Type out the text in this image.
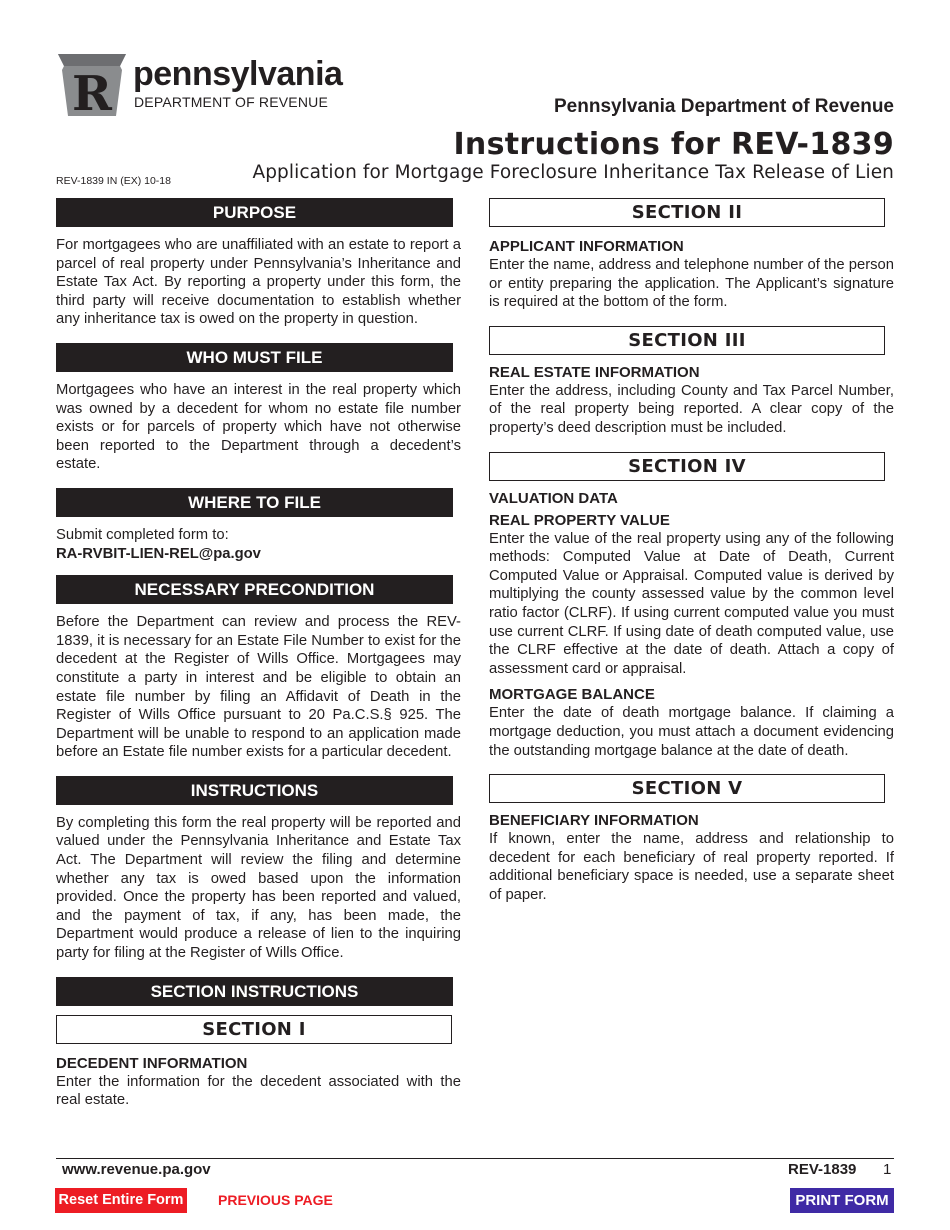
R pennsylvania
DEPARTMENT OF REVENUE	Pennsylvania Department of Revenue
Instructions for REV-1839
Application for Mortgage Foreclosure Inheritance Tax Release of Lien
REV-1839 IN (EX) 10-18
PURPOSE

For mortgagees who are unaffiliated with an estate to report a parcel of real property under Pennsylvania’s Inheritance and Estate Tax Act. By reporting a property under this form, the third party will receive documentation to establish whether any inheritance tax is owed on the property in question.

WHO MUST FILE

Mortgagees who have an interest in the real property which was owned by a decedent for whom no estate file number exists or for parcels of property which have not otherwise been reported to the Department through a decedent’s estate.

WHERE TO FILE

Submit completed form to:

RA-RVBIT-LIEN-REL@pa.gov

NECESSARY PRECONDITION

Before the Department can review and process the REV-1839, it is necessary for an Estate File Number to exist for the decedent at the Register of Wills Office. Mortgagees may constitute a party in interest and be eligible to obtain an estate file number by filing an Affidavit of Death in the Register of Wills Office pursuant to 20 Pa.C.S.§ 925. The Department will be unable to respond to an application made before an Estate file number exists for a particular decedent.

INSTRUCTIONS

By completing this form the real property will be reported and valued under the Pennsylvania Inheritance and Estate Tax Act. The Department will review the filing and determine whether any tax is owed based upon the information provided. Once the property has been reported and valued, and the payment of tax, if any, has been made, the Department would produce a release of lien to the inquiring party for filing at the Register of Wills Office.

SECTION INSTRUCTIONS
SECTION I

DECEDENT INFORMATION

Enter the information for the decedent associated with the real estate.

SECTION II

APPLICANT INFORMATION

Enter the name, address and telephone number of the person or entity preparing the application. The Applicant’s signature is required at the bottom of the form.

SECTION III

REAL ESTATE INFORMATION

Enter the address, including County and Tax Parcel Number, of the real property being reported. A clear copy of the property’s deed description must be included.

SECTION IV

VALUATION DATA

REAL PROPERTY VALUE

Enter the value of the real property using any of the following methods: Computed Value at Date of Death, Current Computed Value or Appraisal. Computed value is derived by multiplying the county assessed value by the common level ratio factor (CLRF). If using current computed value you must use current CLRF. If using date of death computed value, use the CLRF effective at the date of death. Attach a copy of assessment card or appraisal.

MORTGAGE BALANCE

Enter the date of death mortgage balance. If claiming a mortgage deduction, you must attach a document evidencing the outstanding mortgage balance at the date of death.

SECTION V

BENEFICIARY INFORMATION

If known, enter the name, address and relationship to decedent for each beneficiary of real property reported. If additional beneficiary space is needed, use a separate sheet of paper.

www.revenue.pa.gov	REV-1839 1
Reset Entire Form PREVIOUS PAGE	PRINT FORM
